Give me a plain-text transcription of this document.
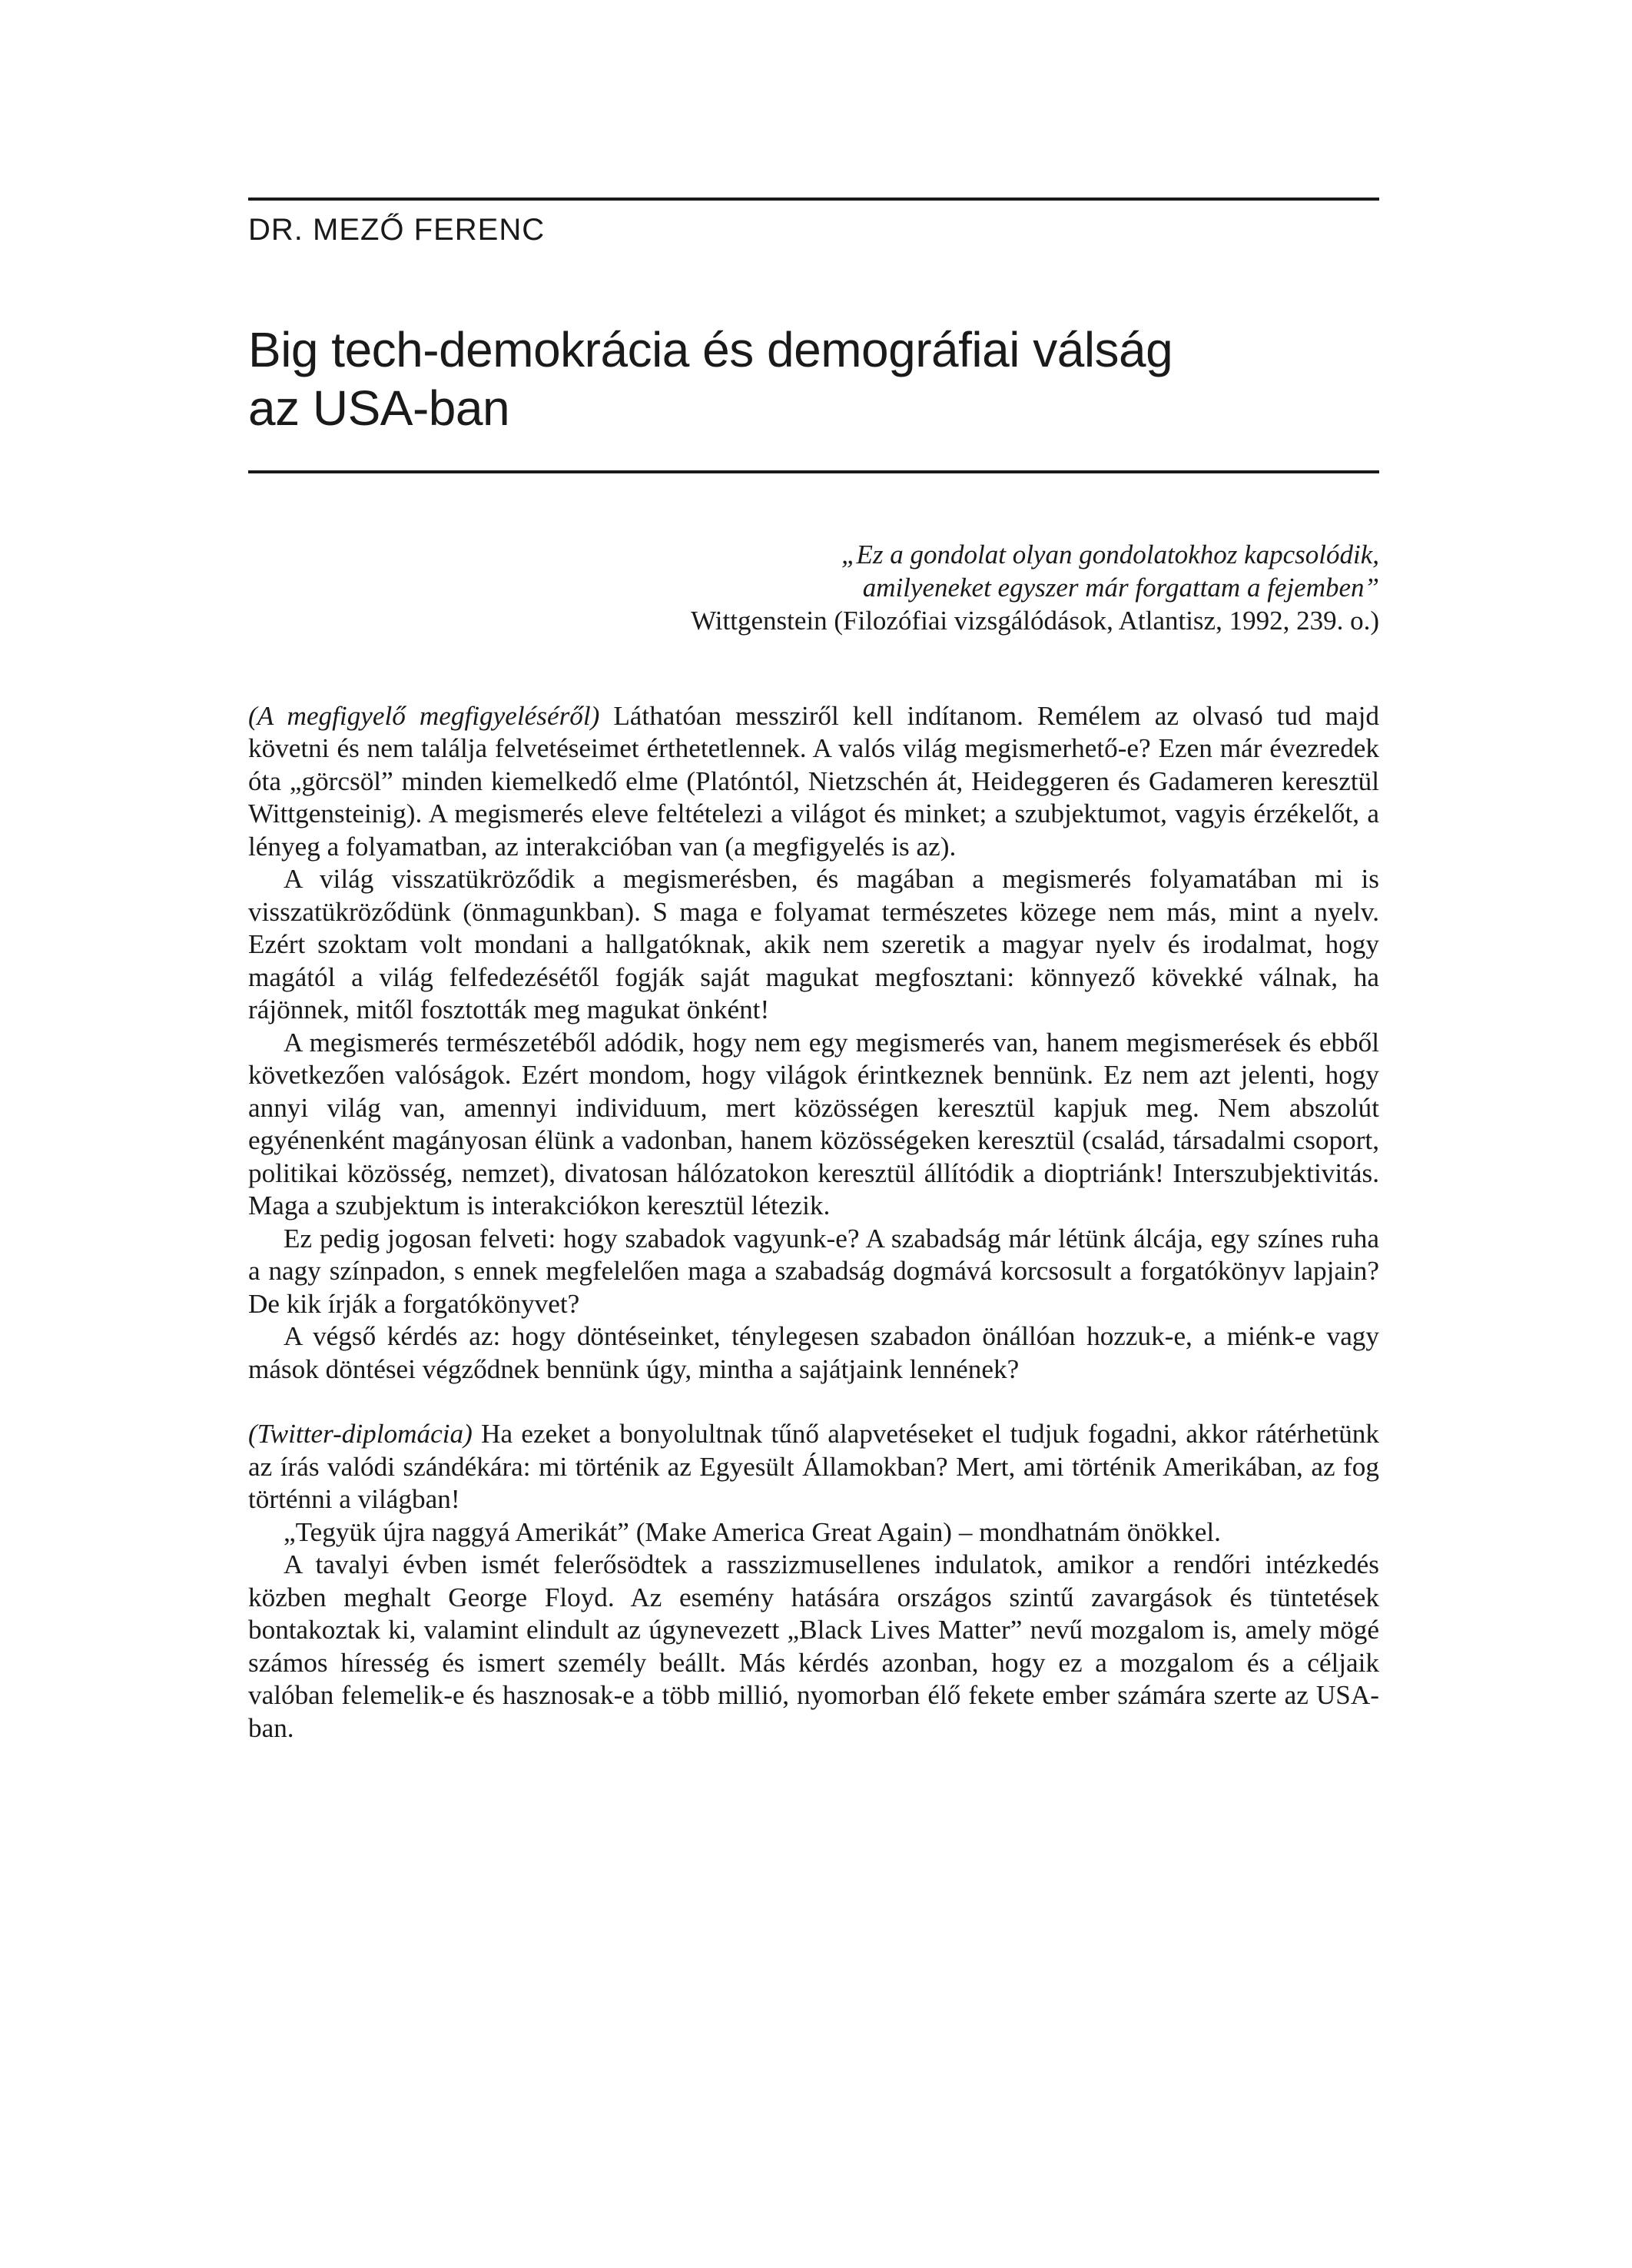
DR. MEZŐ FERENC
Big tech-demokrácia és demográfiai válság
az USA-ban
„Ez a gondolat olyan gondolatokhoz kapcsolódik,
amilyeneket egyszer már forgattam a fejemben”
Wittgenstein (Filozófiai vizsgálódások, Atlantisz, 1992, 239. o.)

(A megfigyelő megfigyeléséről) Láthatóan messziről kell indítanom. Remélem az olvasó tud majd követni és nem találja felvetéseimet érthetetlennek. A valós világ megismerhető-e? Ezen már évezredek óta „görcsöl” minden kiemelkedő elme (Platóntól, Nietzschén át, Heideggeren és Gadameren keresztül Wittgensteinig). A megismerés eleve feltételezi a világot és minket; a szubjektumot, vagyis érzékelőt, a lényeg a folyamatban, az interakcióban van (a megfigyelés is az).

A világ visszatükröződik a megismerésben, és magában a megismerés folyamatában mi is visszatükröződünk (önmagunkban). S maga e folyamat természetes közege nem más, mint a nyelv. Ezért szoktam volt mondani a hallgatóknak, akik nem szeretik a magyar nyelv és irodalmat, hogy magától a világ felfedezésétől fogják saját magukat megfosztani: könnyező kövekké válnak, ha rájönnek, mitől fosztották meg magukat önként!

A megismerés természetéből adódik, hogy nem egy megismerés van, hanem megismerések és ebből következően valóságok. Ezért mondom, hogy világok érintkeznek bennünk. Ez nem azt jelenti, hogy annyi világ van, amennyi individuum, mert közösségen keresztül kapjuk meg. Nem abszolút egyénenként magányosan élünk a vadonban, hanem közösségeken keresztül (család, társadalmi csoport, politikai közösség, nemzet), divatosan hálózatokon keresztül állítódik a dioptriánk! Interszubjektivitás. Maga a szubjektum is interakciókon keresztül létezik.

Ez pedig jogosan felveti: hogy szabadok vagyunk-e? A szabadság már létünk álcája, egy színes ruha a nagy színpadon, s ennek megfelelően maga a szabadság dogmává korcsosult a forgatókönyv lapjain? De kik írják a forgatókönyvet?

A végső kérdés az: hogy döntéseinket, ténylegesen szabadon önállóan hozzuk-e, a miénk-e vagy mások döntései végződnek bennünk úgy, mintha a sajátjaink lennének?

(Twitter-diplomácia) Ha ezeket a bonyolultnak tűnő alapvetéseket el tudjuk fogadni, akkor rátérhetünk az írás valódi szándékára: mi történik az Egyesült Államokban? Mert, ami történik Amerikában, az fog történni a világban!

„Tegyük újra naggyá Amerikát” (Make America Great Again) – mondhatnám önökkel.

A tavalyi évben ismét felerősödtek a rasszizmusellenes indulatok, amikor a rendőri intézkedés közben meghalt George Floyd. Az esemény hatására országos szintű zavargások és tüntetések bontakoztak ki, valamint elindult az úgynevezett „Black Lives Matter” nevű mozgalom is, amely mögé számos híresség és ismert személy beállt. Más kérdés azonban, hogy ez a mozgalom és a céljaik valóban felemelik-e és hasznosak-e a több millió, nyomorban élő fekete ember számára szerte az USA-ban.
